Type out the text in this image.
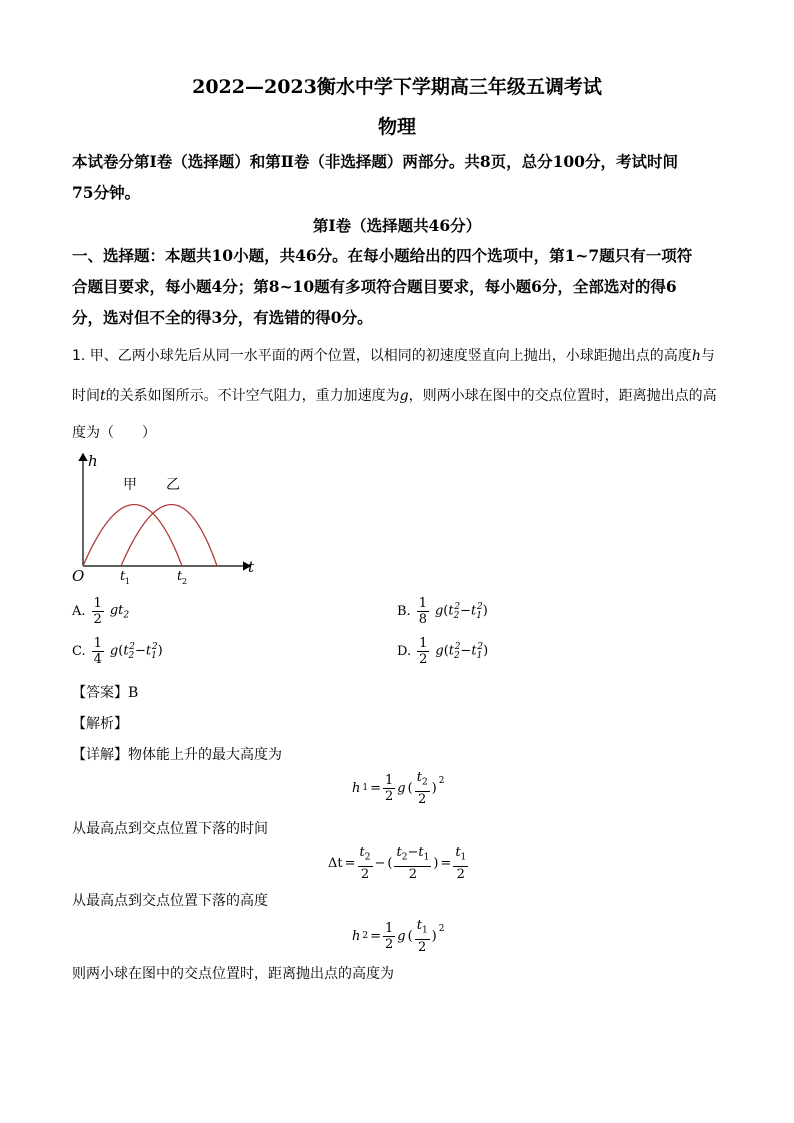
2022—2023衡水中学下学期高三年级五调考试
物理
本试卷分第Ⅰ卷（选择题）和第Ⅱ卷（非选择题）两部分。共8页，总分100分，考试时间
75分钟。
第Ⅰ卷（选择题共46分）
一、选择题：本题共10小题，共46分。在每小题给出的四个选项中，第1~7题只有一项符
合题目要求，每小题4分；第8~10题有多项符合题目要求，每小题6分，全部选对的得6
分，选对但不全的得3分，有选错的得0分。
1. 甲、乙两小球先后从同一水平面的两个位置，以相同的初速度竖直向上抛出，小球距抛出点的高度h与
时间t的关系如图所示。不计空气阻力，重力加速度为g，则两小球在图中的交点位置时，距离抛出点的高
度为（　　）
h
t
O	t 1	t 2
甲 乙
A. $\frac{1}{2} gt_2$	B. $\frac{1}{8} g(t_2^2-t_1^2)$
C. $\frac{1}{4} g(t_2^2-t_1^2)$	D. $\frac{1}{2} g(t_2^2-t_1^2)$
【答案】B
【解析】
【详解】物体能上升的最大高度为
h $1 = \frac{1}{2}$ g ( $\frac{t_2}{2} )^2$
从最高点到交点位置下落的时间
$\Delta t = \frac{t_2}{2}$ − ( $\frac{t_2-t_1}{2}$ ) = $\frac{t_1}{2}$
从最高点到交点位置下落的高度
h $2 = \frac{1}{2}$ g ( $\frac{t_1}{2} )^2$
则两小球在图中的交点位置时，距离抛出点的高度为
